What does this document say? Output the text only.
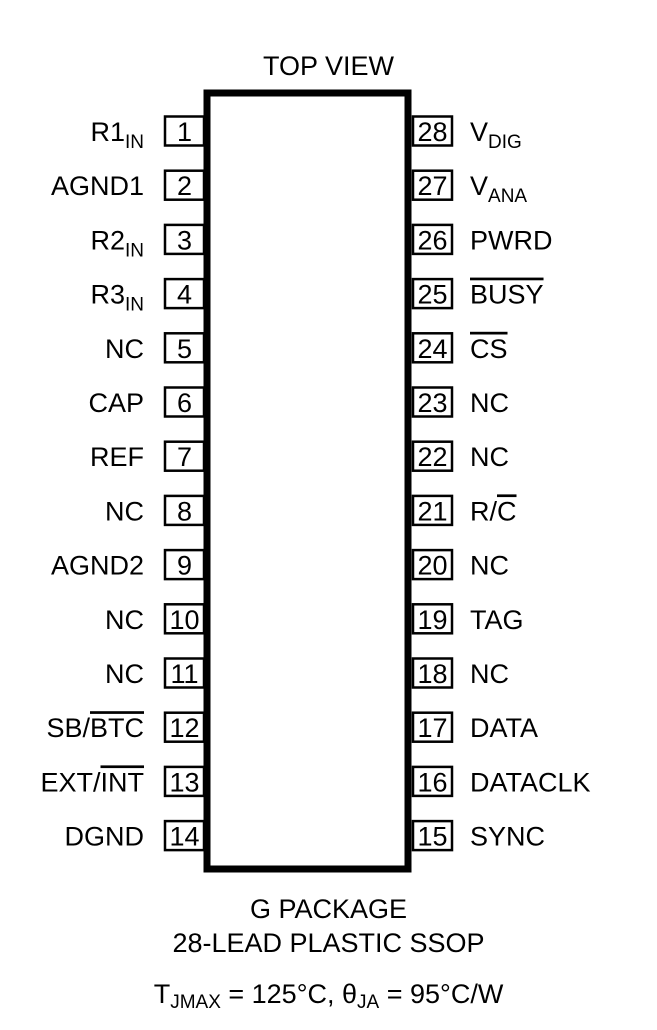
1
$R1_{IN}$
2
AGND1
3
$R2_{IN}$
4
$R3_{IN}$
5
NC
6
CAP
7
REF
8
NC
9
AGND2
10
NC
11
NC
12
SB/BTC
13
EXT/INT
14
DGND
28 $V_{DIG}$
27 $V_{ANA}$
26 PWRD
25 BUSY
24 CS
23 NC
22 NC
21 R/C
20 NC
19 TAG
18 NC
17 DATA
16 DATACLK
15 SYNC
TOP VIEW
G PACKAGE
28-LEAD PLASTIC SSOP
$T_{JMAX} = 125^\circ C$, $\theta_{JA} = 95^\circ C/W$
